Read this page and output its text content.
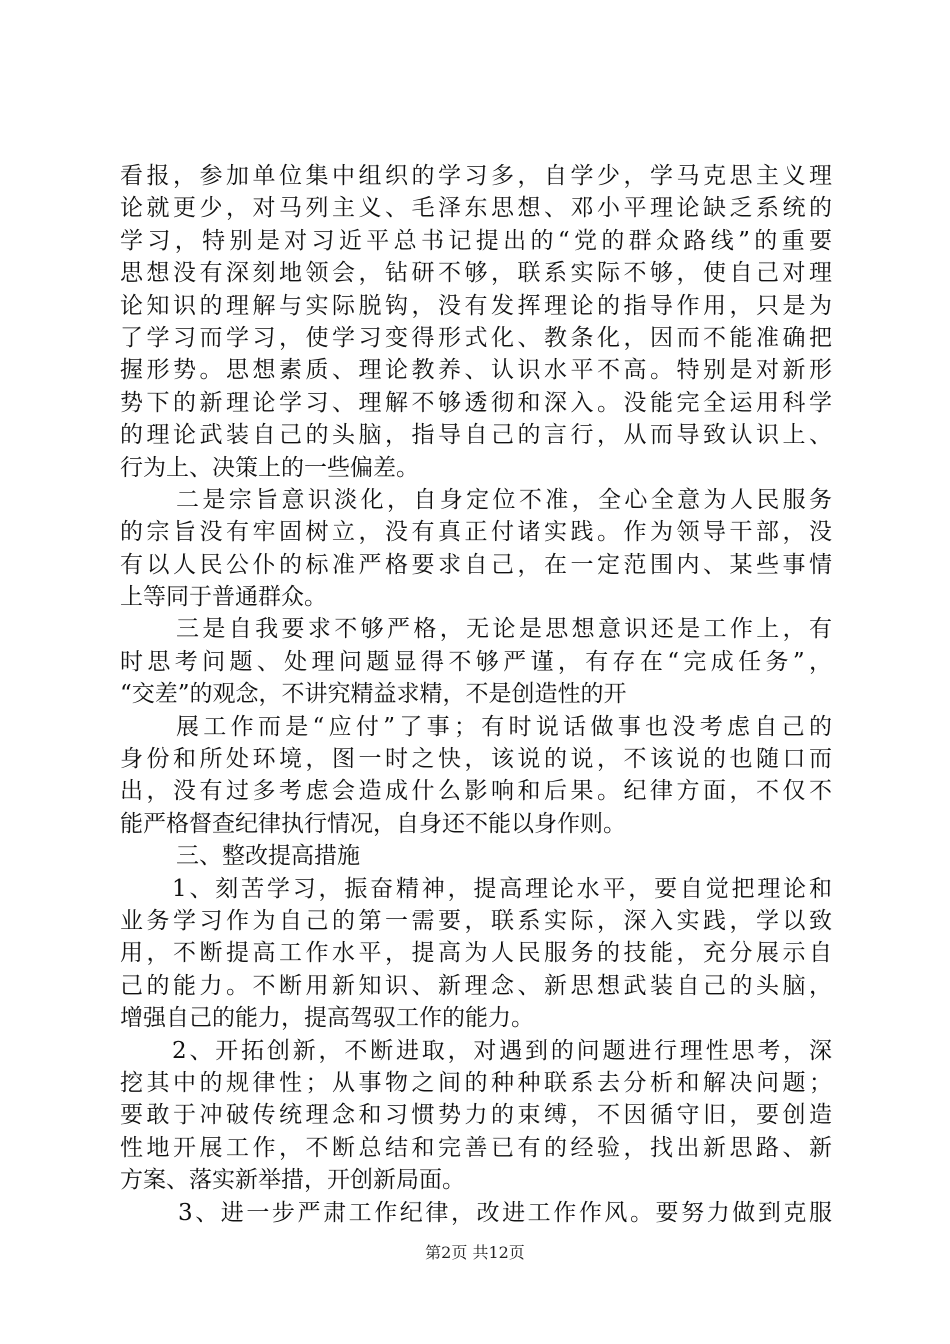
看报，参加单位集中组织的学习多，自学少，学马克思主义理
论就更少，对马列主义、毛泽东思想、邓小平理论缺乏系统的
学习，特别是对习近平总书记提出的“党的群众路线”的重要
思想没有深刻地领会，钻研不够，联系实际不够，使自己对理
论知识的理解与实际脱钩，没有发挥理论的指导作用，只是为
了学习而学习，使学习变得形式化、教条化，因而不能准确把
握形势。思想素质、理论教养、认识水平不高。特别是对新形
势下的新理论学习、理解不够透彻和深入。没能完全运用科学
的理论武装自己的头脑，指导自己的言行，从而导致认识上、
行为上、决策上的一些偏差。
二是宗旨意识淡化，自身定位不准，全心全意为人民服务
的宗旨没有牢固树立，没有真正付诸实践。作为领导干部，没
有以人民公仆的标准严格要求自己，在一定范围内、某些事情
上等同于普通群众。
三是自我要求不够严格，无论是思想意识还是工作上，有
时思考问题、处理问题显得不够严谨，有存在“完成任务”，
“交差”的观念，不讲究精益求精，不是创造性的开
展工作而是“应付”了事；有时说话做事也没考虑自己的
身份和所处环境，图一时之快，该说的说，不该说的也随口而
出，没有过多考虑会造成什么影响和后果。纪律方面，不仅不
能严格督查纪律执行情况，自身还不能以身作则。
三、整改提高措施
1、刻苦学习，振奋精神，提高理论水平，要自觉把理论和
业务学习作为自己的第一需要，联系实际，深入实践，学以致
用，不断提高工作水平，提高为人民服务的技能，充分展示自
己的能力。不断用新知识、新理念、新思想武装自己的头脑，
增强自己的能力，提高驾驭工作的能力。
2、开拓创新，不断进取，对遇到的问题进行理性思考，深
挖其中的规律性；从事物之间的种种联系去分析和解决问题；
要敢于冲破传统理念和习惯势力的束缚，不因循守旧，要创造
性地开展工作，不断总结和完善已有的经验，找出新思路、新
方案、落实新举措，开创新局面。
3、进一步严肃工作纪律，改进工作作风。要努力做到克服
第2页 共12页
